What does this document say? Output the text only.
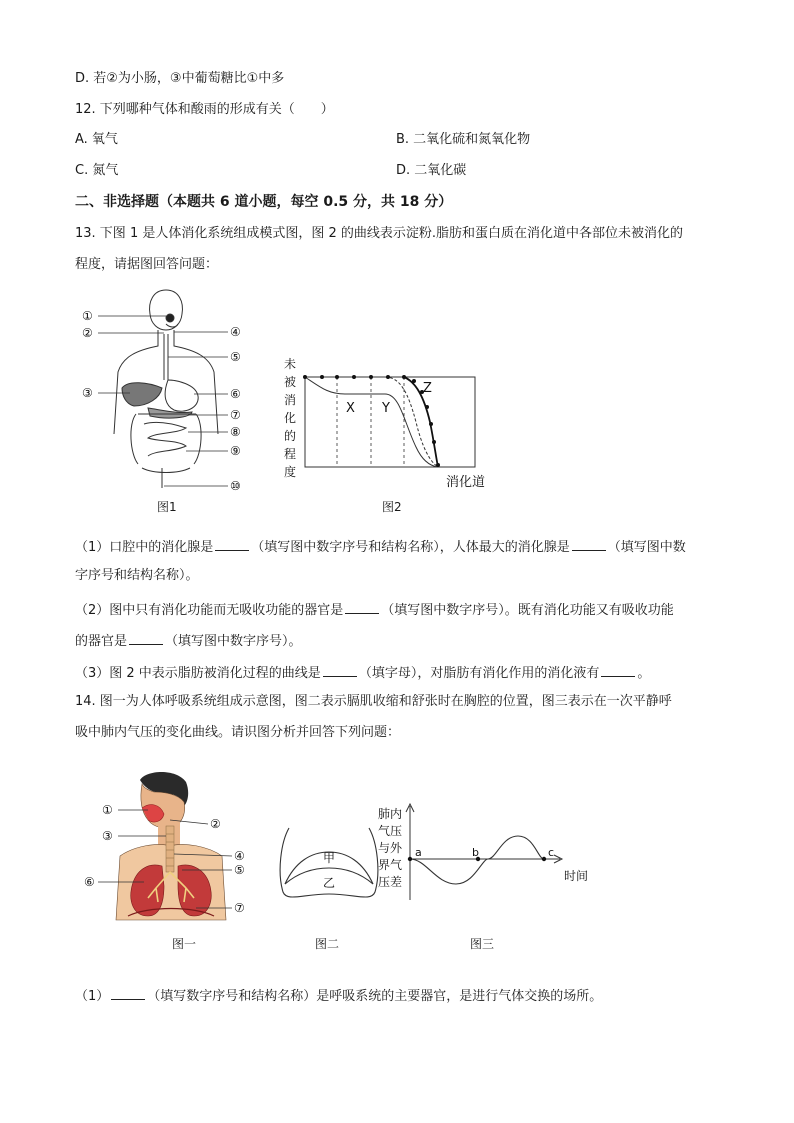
D. 若②为小肠，③中葡萄糖比①中多
12. 下列哪种气体和酸雨的形成有关（　　）
A. 氧气	B. 二氧化硫和氮氧化物
C. 氮气	D. 二氧化碳
二、非选择题（本题共 6 道小题，每空 0.5 分，共 18 分）
13. 下图 1 是人体消化系统组成模式图，图 2 的曲线表示淀粉.脂肪和蛋白质在消化道中各部位未被消化的
程度，请据图回答问题：
①
②
③
④
⑤
⑥
⑦
⑧
⑨
⑩
图1
未
被
消
化
的
程
度
X Y
Z
消化道
图2
（1）口腔中的消化腺是	（填写图中数字序号和结构名称），人体最大的消化腺是	（填写图中数
字序号和结构名称）。
（2）图中只有消化功能而无吸收功能的器官是	（填写图中数字序号）。既有消化功能又有吸收功能
的器官是	（填写图中数字序号）。
（3）图 2 中表示脂肪被消化过程的曲线是	（填字母），对脂肪有消化作用的消化液有	。
14. 图一为人体呼吸系统组成示意图，图二表示膈肌收缩和舒张时在胸腔的位置，图三表示在一次平静呼
吸中肺内气压的变化曲线。请识图分析并回答下列问题：
①
②
③
④
⑤
⑥
⑦
图一
甲
乙
图二
肺内
气压
与外
界气
压差
a	b	c
时间
图三
（1）	（填写数字序号和结构名称）是呼吸系统的主要器官，是进行气体交换的场所。
